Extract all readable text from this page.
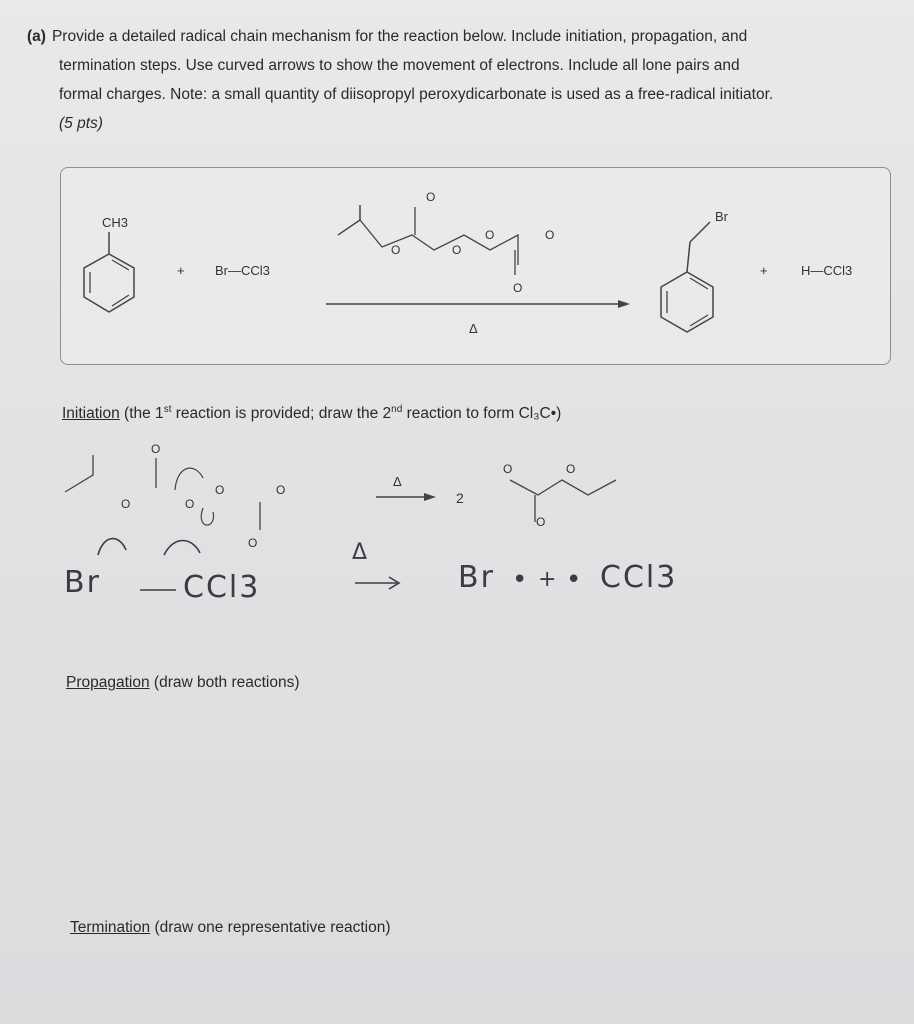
(a) Provide a detailed radical chain mechanism for the reaction below. Include initiation, propagation, and
termination steps. Use curved arrows to show the movement of electrons. Include all lone pairs and
formal charges. Note: a small quantity of diisopropyl peroxydicarbonate is used as a free-radical initiator.
(5 pts)
CH3
+ Br—CCl3
O
O	O
O	O
O
Δ
Br
+	H—CCl3
Initiation (the 1st reaction is provided; draw the 2nd reaction to form Cl₃C•)
O
O	O
O	O
O
Δ
2
O	O
O
Br	CCl3
Δ
Br • + • CCl3
Propagation (draw both reactions)
Termination (draw one representative reaction)
